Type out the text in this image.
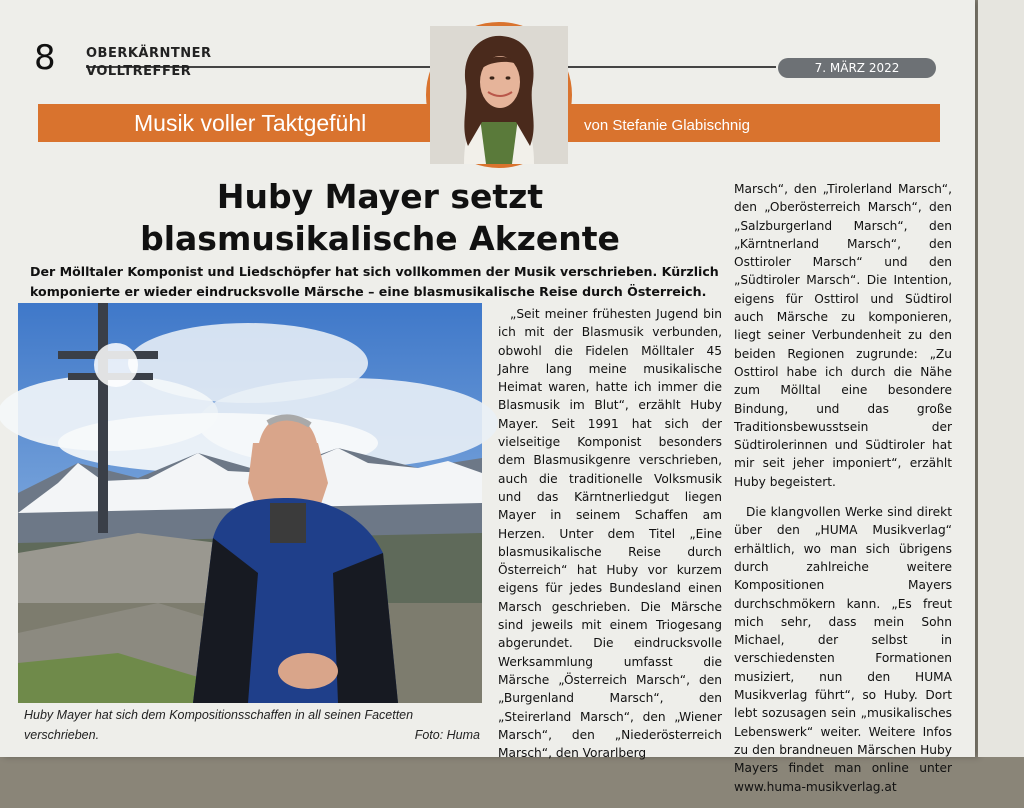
8 OBERKÄRNTNER
VOLLTREFFER	7. MÄRZ 2022
Musik voller Taktgefühl	von Stefanie Glabischnig
Huby Mayer setzt blasmusikalische Akzente
Der Mölltaler Komponist und Liedschöpfer hat sich vollkommen der Musik verschrieben. Kürzlich komponierte er wieder eindrucksvolle Märsche – eine blasmusikalische Reise durch Österreich.
Huby Mayer hat sich dem Kompositionsschaffen in all seinen Facetten verschrieben.	Foto: Huma

„Seit meiner frühesten Jugend bin ich mit der Blasmusik verbunden, obwohl die Fidelen Mölltaler 45 Jahre lang meine musikalische Heimat waren, hatte ich immer die Blasmusik im Blut“, erzählt Huby Mayer. Seit 1991 hat sich der vielseitige Komponist besonders dem Blasmusikgenre verschrieben, auch die traditionelle Volksmusik und das Kärntnerliedgut liegen Mayer in seinem Schaffen am Herzen. Unter dem Titel „Eine blasmusikalische Reise durch Österreich“ hat Huby vor kurzem eigens für jedes Bundesland einen Marsch geschrieben. Die Märsche sind jeweils mit einem Triogesang abgerundet. Die eindrucksvolle Werksammlung umfasst die Märsche „Österreich Marsch“, den „Burgenland Marsch“, den „Steirerland Marsch“, den „Wiener Marsch“, den „Niederösterreich Marsch“, den Vorarlberg

Marsch“, den „Tirolerland Marsch“, den „Oberösterreich Marsch“, den „Salzburgerland Marsch“, den „Kärntnerland Marsch“, den Osttiroler Marsch“ und den „Südtiroler Marsch“. Die Intention, eigens für Osttirol und Südtirol auch Märsche zu komponieren, liegt seiner Verbundenheit zu den beiden Regionen zugrunde: „Zu Osttirol habe ich durch die Nähe zum Mölltal eine besondere Bindung, und das große Traditionsbewusstsein der Südtirolerinnen und Südtiroler hat mir seit jeher imponiert“, erzählt Huby begeistert.

Die klangvollen Werke sind direkt über den „HUMA Musikverlag“ erhältlich, wo man sich übrigens durch zahlreiche weitere Kompositionen Mayers durchschmökern kann. „Es freut mich sehr, dass mein Sohn Michael, der selbst in verschiedensten Formationen musiziert, nun den HUMA Musikverlag führt“, so Huby. Dort lebt sozusagen sein „musikalisches Lebenswerk“ weiter. Weitere Infos zu den brandneuen Märschen Huby Mayers findet man online unter www.huma-musikverlag.at
